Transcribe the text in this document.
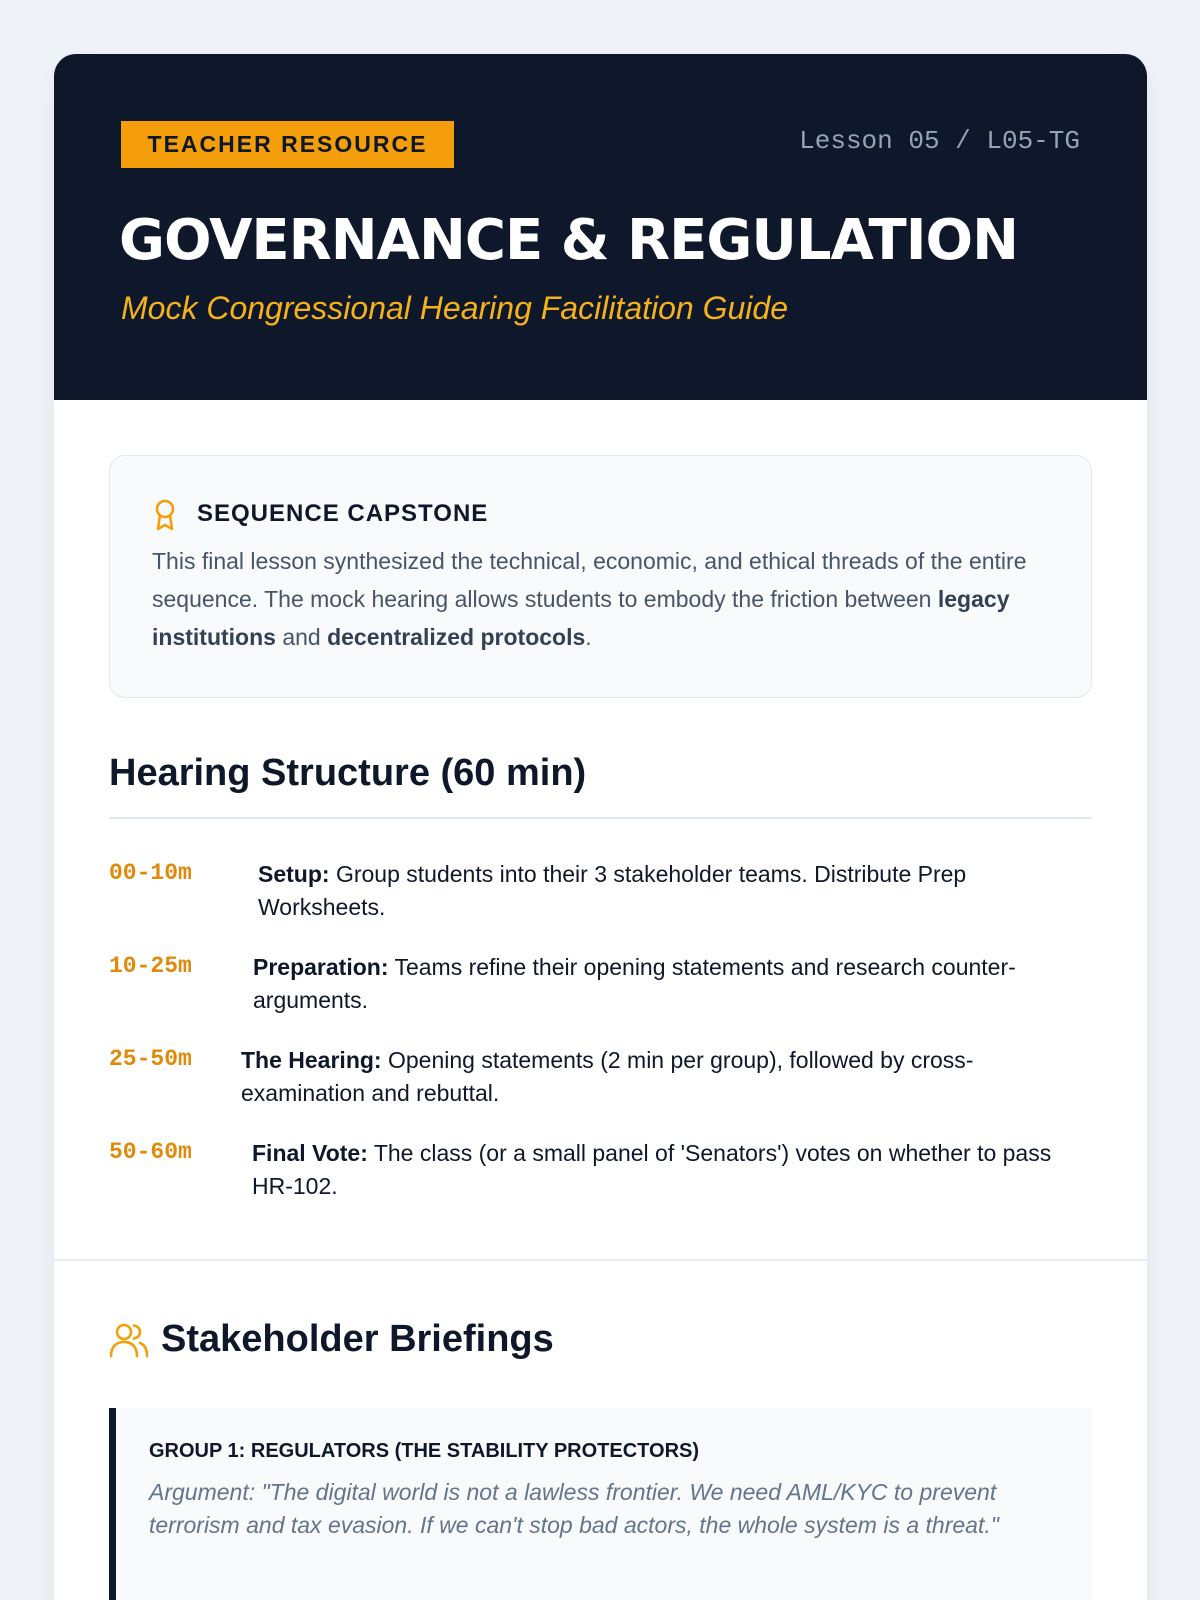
TEACHER RESOURCE	Lesson 05 / L05-TG
GOVERNANCE & REGULATION
Mock Congressional Hearing Facilitation Guide
SEQUENCE CAPSTONE

This final lesson synthesized the technical, economic, and ethical threads of the entire sequence. The mock hearing allows students to embody the friction between legacy institutions and decentralized protocols.

Hearing Structure (60 min)
00-10m	Setup: Group students into their 3 stakeholder teams. Distribute Prep Worksheets.
10-25m	Preparation: Teams refine their opening statements and research counter-arguments.
25-50m The Hearing: Opening statements (2 min per group), followed by cross-examination and rebuttal.
50-60m	Final Vote: The class (or a small panel of 'Senators') votes on whether to pass HR-102.
Stakeholder Briefings
GROUP 1: REGULATORS (THE STABILITY PROTECTORS)
Argument: "The digital world is not a lawless frontier. We need AML/KYC to prevent terrorism and tax evasion. If we can't stop bad actors, the whole system is a threat."
